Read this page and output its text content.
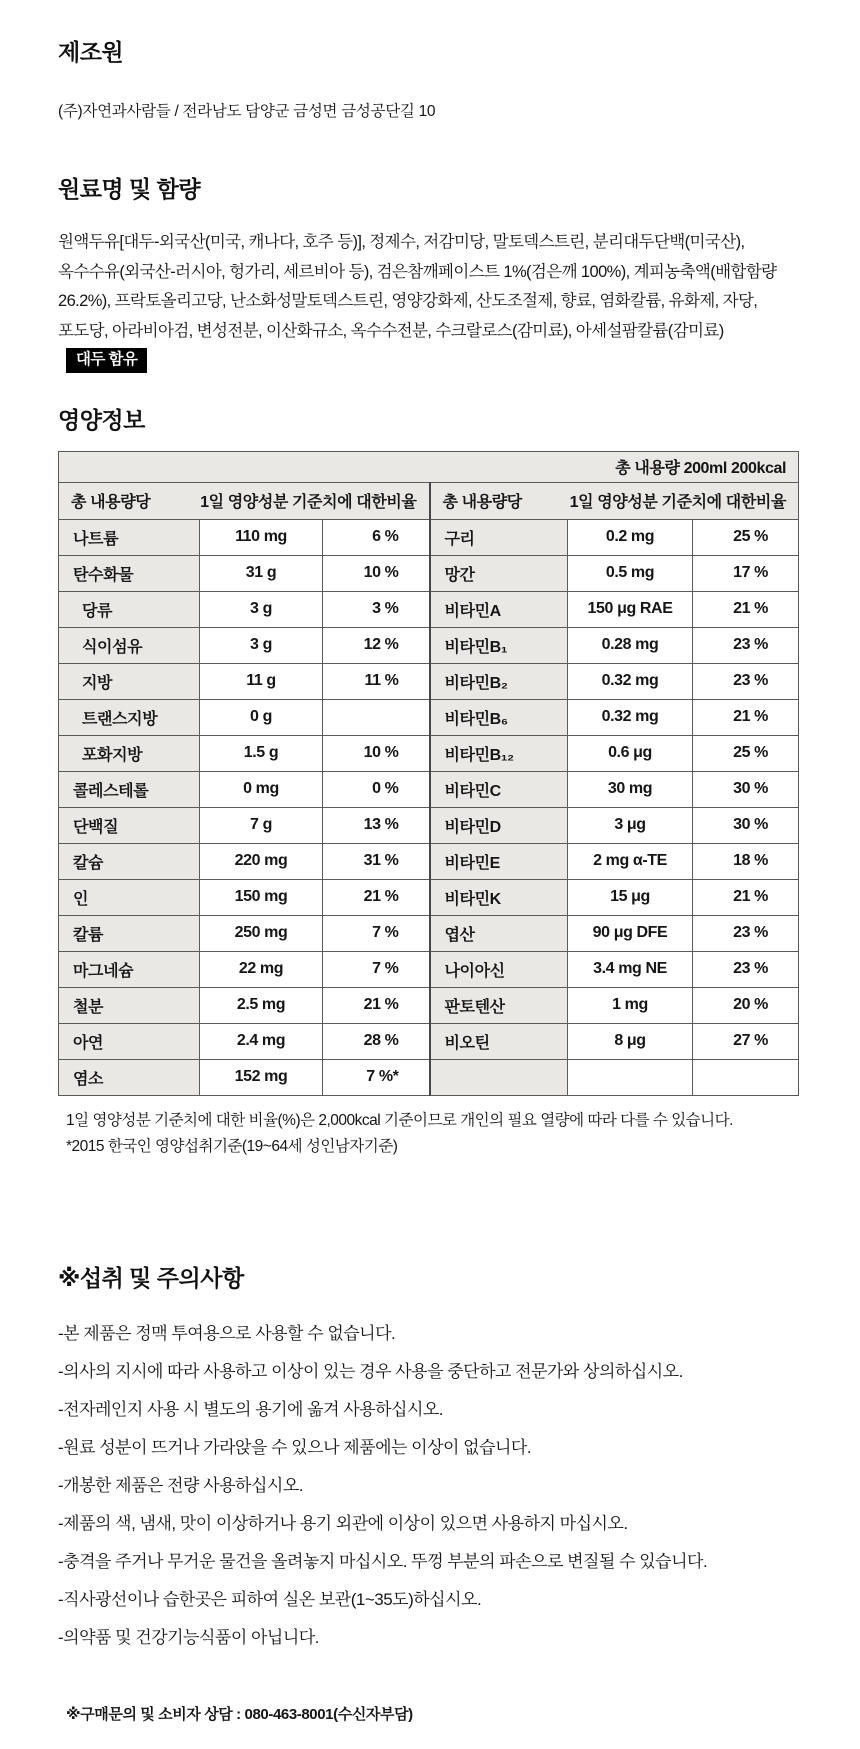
제조원
(주)자연과사람들 / 전라남도 담양군 금성면 금성공단길 10
원료명 및 함량
원액두유[대두-외국산(미국, 캐나다, 호주 등)], 정제수, 저감미당, 말토덱스트린, 분리대두단백(미국산), 옥수수유(외국산-러시아, 헝가리, 세르비아 등), 검은참깨페이스트 1%(검은깨 100%), 계피농축액(배합함량 26.2%), 프락토올리고당, 난소화성말토덱스트린, 영양강화제, 산도조절제, 향료, 염화칼륨, 유화제, 자당, 포도당, 아라비아검, 변성전분, 이산화규소, 옥수수전분, 수크랄로스(감미료), 아세설팜칼륨(감미료)대두 함유
영양정보
총 내용량 200ml 200kcal					

총 내용량당 1일 영양성분 기준치에 대한비율			총 내용량당 1일 영양성분 기준치에 대한비율		

나트륨	110 mg	6 %	구리	0.2 mg	25 %
탄수화물	31 g	10 %	망간	0.5 mg	17 %
당류	3 g	3 %	비타민A	150 μg RAE	21 %
식이섬유	3 g	12 %	비타민B₁	0.28 mg	23 %
지방	11 g	11 %	비타민B₂	0.32 mg	23 %
트랜스지방	0 g		비타민B₆	0.32 mg	21 %
포화지방	1.5 g	10 %	비타민B₁₂	0.6 μg	25 %
콜레스테롤	0 mg	0 %	비타민C	30 mg	30 %
단백질	7 g	13 %	비타민D	3 μg	30 %
칼슘	220 mg	31 %	비타민E	2 mg α-TE	18 %
인	150 mg	21 %	비타민K	15 μg	21 %
칼륨	250 mg	7 %	엽산	90 μg DFE	23 %
마그네슘	22 mg	7 %	나이아신	3.4 mg NE	23 %
철분	2.5 mg	21 %	판토텐산	1 mg	20 %
아연	2.4 mg	28 %	비오틴	8 μg	27 %
염소	152 mg	7 %*			
1일 영양성분 기준치에 대한 비율(%)은 2,000kcal 기준이므로 개인의 필요 열량에 따라 다를 수 있습니다.
*2015 한국인 영양섭취기준(19~64세 성인남자기준)
※섭취 및 주의사항
-본 제품은 정맥 투여용으로 사용할 수 없습니다.
-의사의 지시에 따라 사용하고 이상이 있는 경우 사용을 중단하고 전문가와 상의하십시오.
-전자레인지 사용 시 별도의 용기에 옮겨 사용하십시오.
-원료 성분이 뜨거나 가라앉을 수 있으나 제품에는 이상이 없습니다.
-개봉한 제품은 전량 사용하십시오.
-제품의 색, 냄새, 맛이 이상하거나 용기 외관에 이상이 있으면 사용하지 마십시오.
-충격을 주거나 무거운 물건을 올려놓지 마십시오. 뚜껑 부분의 파손으로 변질될 수 있습니다.
-직사광선이나 습한곳은 피하여 실온 보관(1~35도)하십시오.
-의약품 및 건강기능식품이 아닙니다.
※구매문의 및 소비자 상담 : 080-463-8001(수신자부담)
